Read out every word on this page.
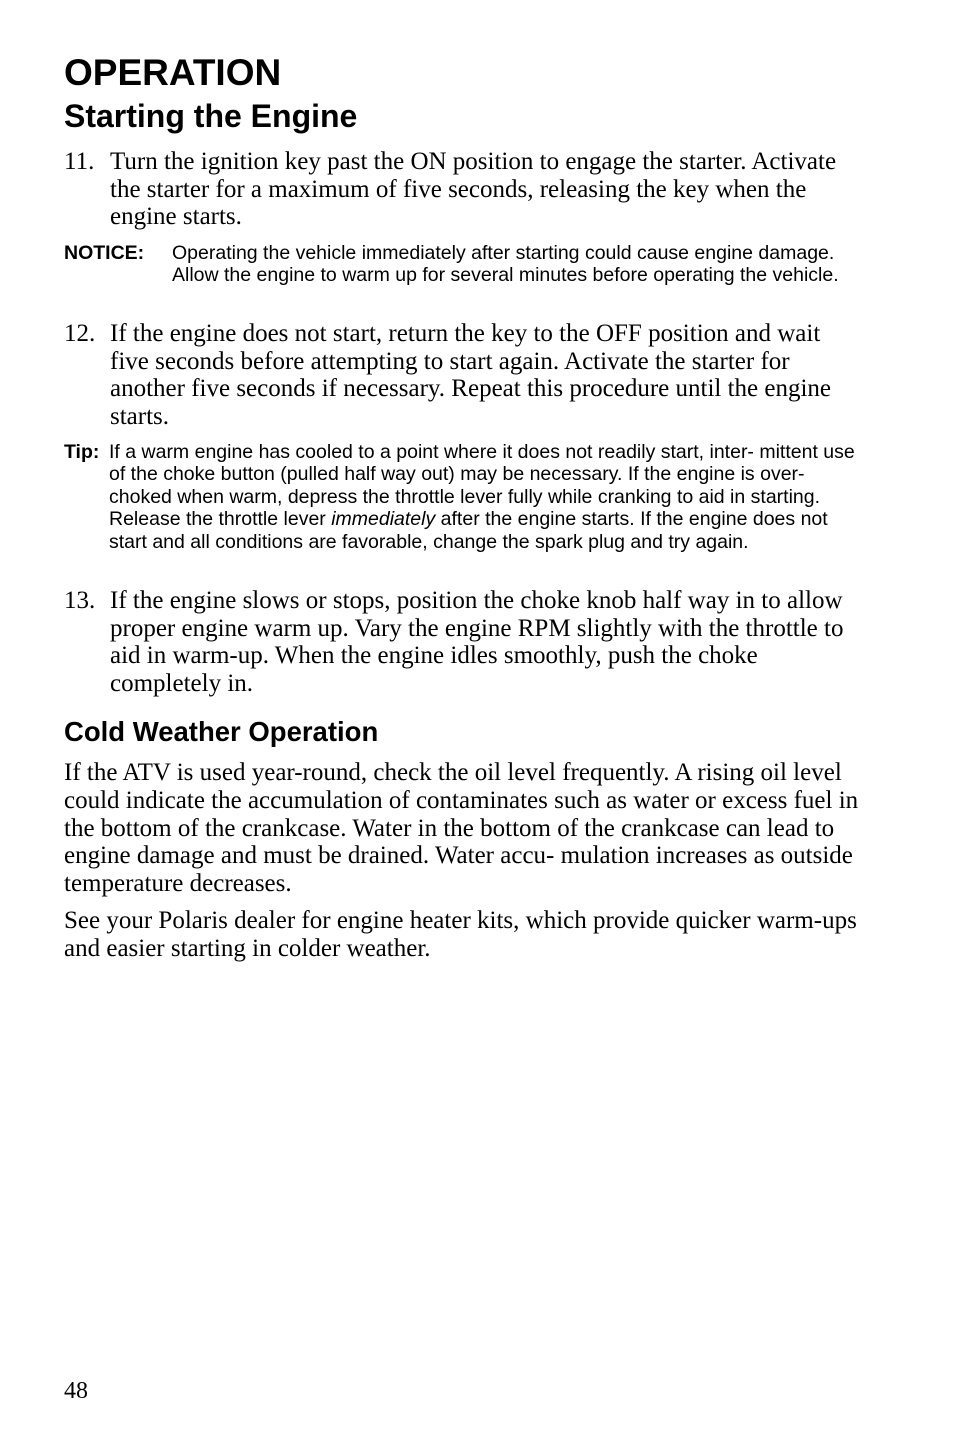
OPERATION
Starting the Engine
11. Turn the ignition key past the ON position to engage the starter. Activate the starter for a maximum of five seconds, releasing the key when the engine starts.
NOTICE: Operating the vehicle immediately after starting could cause engine damage. Allow the engine to warm up for several minutes before operating the vehicle.
12. If the engine does not start, return the key to the OFF position and wait five seconds before attempting to start again. Activate the starter for another five seconds if necessary. Repeat this procedure until the engine starts.
Tip: If a warm engine has cooled to a point where it does not readily start, inter- mittent use of the choke button (pulled half way out) may be necessary. If the engine is over-choked when warm, depress the throttle lever fully while cranking to aid in starting. Release the throttle lever immediately after the engine starts. If the engine does not start and all conditions are favorable, change the spark plug and try again.
13. If the engine slows or stops, position the choke knob half way in to allow proper engine warm up. Vary the engine RPM slightly with the throttle to aid in warm-up. When the engine idles smoothly, push the choke completely in.
Cold Weather Operation

If the ATV is used year-round, check the oil level frequently. A rising oil level could indicate the accumulation of contaminates such as water or excess fuel in the bottom of the crankcase. Water in the bottom of the crankcase can lead to engine damage and must be drained. Water accu- mulation increases as outside temperature decreases.

See your Polaris dealer for engine heater kits, which provide quicker warm-ups and easier starting in colder weather.

48
